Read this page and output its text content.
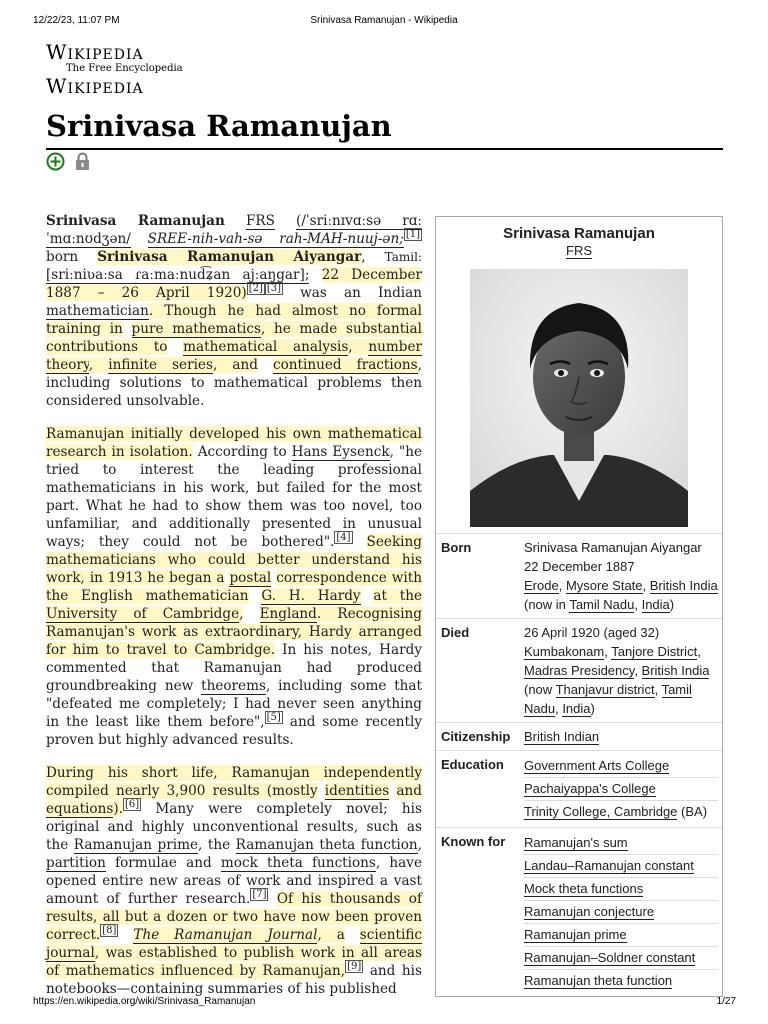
12/22/23, 11:07 PM	Srinivasa Ramanujan - Wikipedia
Wikipedia
The Free Encyclopedia
Wikipedia
Srinivasa Ramanujan

Srinivasa Ramanujan FRS (/ˈsriːnɪvɑːsə rɑːˈmɑːnʊdʒən/ SREE-nih-vah-sə rah-MAH-nuuj-ən; [1] born Srinivasa Ramanujan Aiyangar, Tamil: [sriːniʋaːsa ɾaːmaːnud͡ʑan ajːaŋgar]; 22 December 1887 – 26 April 1920) [2] [3] was an Indian mathematician. Though he had almost no formal training in pure mathematics, he made substantial contributions to mathematical analysis, number theory, infinite series, and continued fractions, including solutions to mathematical problems then considered unsolvable.

Ramanujan initially developed his own mathematical research in isolation. According to Hans Eysenck, "he tried to interest the leading professional mathematicians in his work, but failed for the most part. What he had to show them was too novel, too unfamiliar, and additionally presented in unusual ways; they could not be bothered". [4] Seeking mathematicians who could better understand his work, in 1913 he began a postal correspondence with the English mathematician G. H. Hardy at the University of Cambridge, England. Recognising Ramanujan's work as extraordinary, Hardy arranged for him to travel to Cambridge. In his notes, Hardy commented that Ramanujan had produced groundbreaking new theorems, including some that "defeated me completely; I had never seen anything in the least like them before", [5] and some recently proven but highly advanced results.

During his short life, Ramanujan independently compiled nearly 3,900 results (mostly identities and equations). [6] Many were completely novel; his original and highly unconventional results, such as the Ramanujan prime, the Ramanujan theta function, partition formulae and mock theta functions, have opened entire new areas of work and inspired a vast amount of further research. [7] Of his thousands of results, all but a dozen or two have now been proven correct. [8] The Ramanujan Journal, a scientific journal, was established to publish work in all areas of mathematics influenced by Ramanujan, [9] and his notebooks—containing summaries of his published

Srinivasa Ramanujan
FRS
Born	Srinivasa Ramanujan Aiyangar
22 December 1887
Erode, Mysore State, British India (now in Tamil Nadu, India)
Died	26 April 1920 (aged 32)
Kumbakonam, Tanjore District, Madras Presidency, British India (now Thanjavur district, Tamil Nadu, India)
Citizenship	British Indian
Education	Government Arts College
Pachaiyappa's College
Trinity College, Cambridge (BA)
Known for	Ramanujan's sum
Landau–Ramanujan constant
Mock theta functions
Ramanujan conjecture
Ramanujan prime
Ramanujan–Soldner constant
Ramanujan theta function
https://en.wikipedia.org/wiki/Srinivasa_Ramanujan	1/27
